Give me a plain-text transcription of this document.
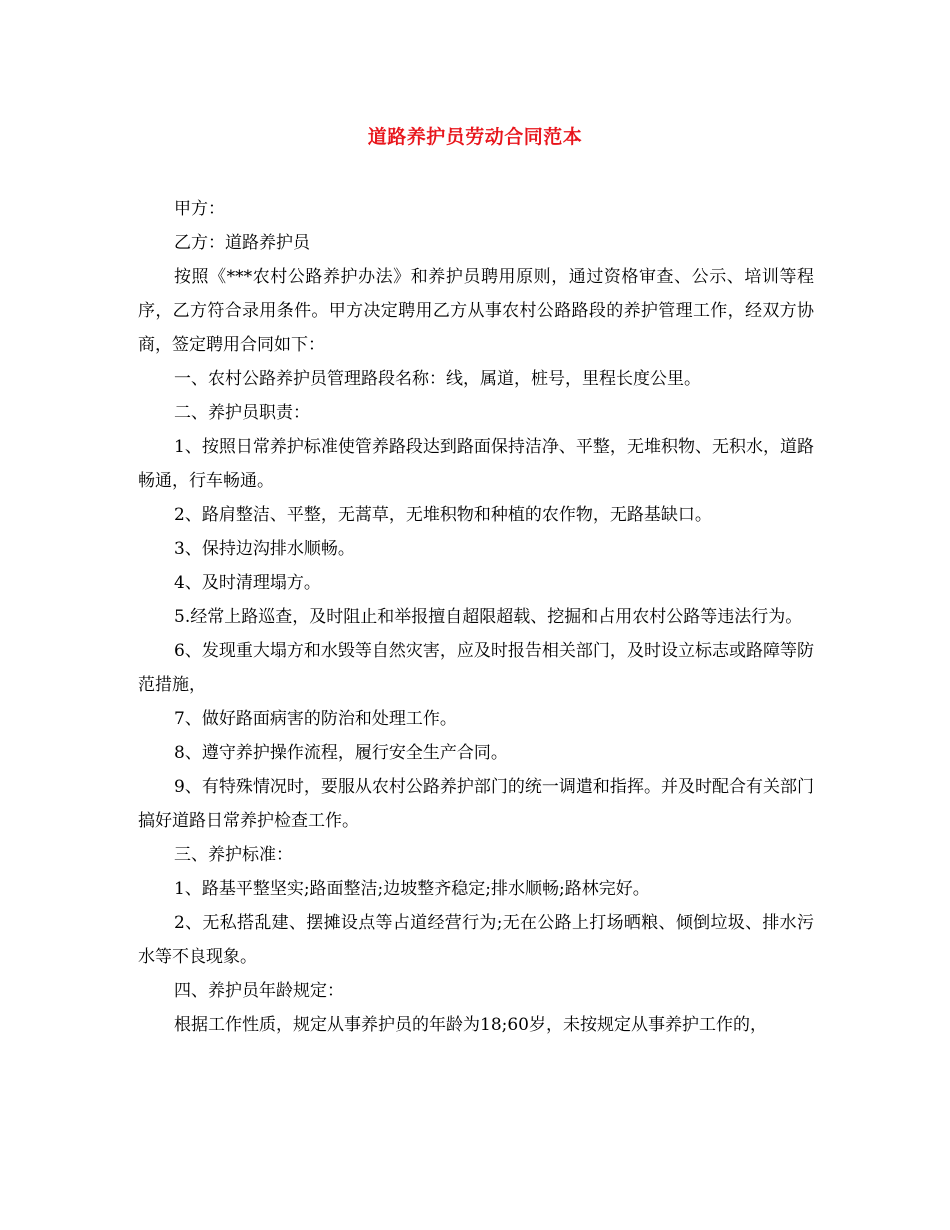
道路养护员劳动合同范本

甲方：

乙方：道路养护员

按照《***农村公路养护办法》和养护员聘用原则，通过资格审查、公示、培训等程序，乙方符合录用条件。甲方决定聘用乙方从事农村公路路段的养护管理工作，经双方协商，签定聘用合同如下：

一、农村公路养护员管理路段名称：线，属道，桩号，里程长度公里。

二、养护员职责：

1、按照日常养护标准使管养路段达到路面保持洁净、平整，无堆积物、无积水，道路畅通，行车畅通。

2、路肩整洁、平整，无蒿草，无堆积物和种植的农作物，无路基缺口。

3、保持边沟排水顺畅。

4、及时清理塌方。

5.经常上路巡查，及时阻止和举报擅自超限超载、挖掘和占用农村公路等违法行为。

6、发现重大塌方和水毁等自然灾害，应及时报告相关部门，及时设立标志或路障等防范措施，

7、做好路面病害的防治和处理工作。

8、遵守养护操作流程，履行安全生产合同。

9、有特殊情况时，要服从农村公路养护部门的统一调遣和指挥。并及时配合有关部门搞好道路日常养护检查工作。

三、养护标准：

1、路基平整坚实;路面整洁;边坡整齐稳定;排水顺畅;路林完好。

2、无私搭乱建、摆摊设点等占道经营行为;无在公路上打场晒粮、倾倒垃圾、排水污水等不良现象。

四、养护员年龄规定：

根据工作性质，规定从事养护员的年龄为18;60岁，未按规定从事养护工作的，
